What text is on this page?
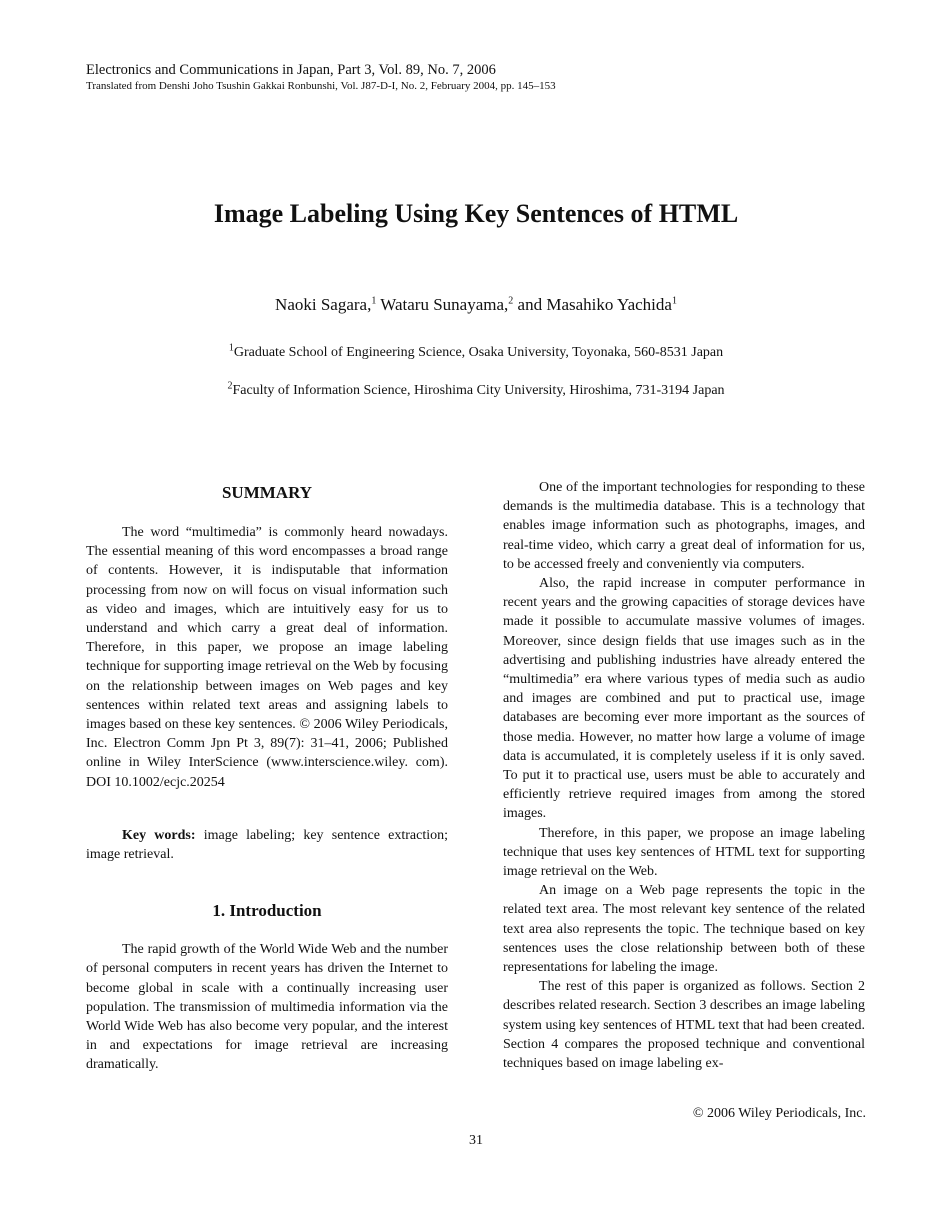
Electronics and Communications in Japan, Part 3, Vol. 89, No. 7, 2006
Translated from Denshi Joho Tsushin Gakkai Ronbunshi, Vol. J87-D-I, No. 2, February 2004, pp. 145–153
Image Labeling Using Key Sentences of HTML
Naoki Sagara,$^1$ Wataru Sunayama,$^2$ and Masahiko Yachida$^1$
$^1$Graduate School of Engineering Science, Osaka University, Toyonaka, 560-8531 Japan
$^2$Faculty of Information Science, Hiroshima City University, Hiroshima, 731-3194 Japan
SUMMARY

The word “multimedia” is commonly heard nowadays. The essential meaning of this word encompasses a broad range of contents. However, it is indisputable that information processing from now on will focus on visual information such as video and images, which are intuitively easy for us to understand and which carry a great deal of information. Therefore, in this paper, we propose an image labeling technique for supporting image retrieval on the Web by focusing on the relationship between images on Web pages and key sentences within related text areas and assigning labels to images based on these key sentences. © 2006 Wiley Periodicals, Inc. Electron Comm Jpn Pt 3, 89(7): 31–41, 2006; Published online in Wiley InterScience (www.interscience.wiley. com). DOI 10.1002/ecjc.20254

Key words: image labeling; key sentence extraction; image retrieval.

1. Introduction

The rapid growth of the World Wide Web and the number of personal computers in recent years has driven the Internet to become global in scale with a continually increasing user population. The transmission of multimedia information via the World Wide Web has also become very popular, and the interest in and expectations for image retrieval are increasing dramatically.

One of the important technologies for responding to these demands is the multimedia database. This is a technology that enables image information such as photographs, images, and real-time video, which carry a great deal of information for us, to be accessed freely and conveniently via computers.

Also, the rapid increase in computer performance in recent years and the growing capacities of storage devices have made it possible to accumulate massive volumes of images. Moreover, since design fields that use images such as in the advertising and publishing industries have already entered the “multimedia” era where various types of media such as audio and images are combined and put to practical use, image databases are becoming ever more important as the sources of those media. However, no matter how large a volume of image data is accumulated, it is completely useless if it is only saved. To put it to practical use, users must be able to accurately and efficiently retrieve required images from among the stored images.

Therefore, in this paper, we propose an image labeling technique that uses key sentences of HTML text for supporting image retrieval on the Web.

An image on a Web page represents the topic in the related text area. The most relevant key sentence of the related text area also represents the topic. The technique based on key sentences uses the close relationship between both of these representations for labeling the image.

The rest of this paper is organized as follows. Section 2 describes related research. Section 3 describes an image labeling system using key sentences of HTML text that had been created. Section 4 compares the proposed technique and conventional techniques based on image labeling ex-

© 2006 Wiley Periodicals, Inc.
31
